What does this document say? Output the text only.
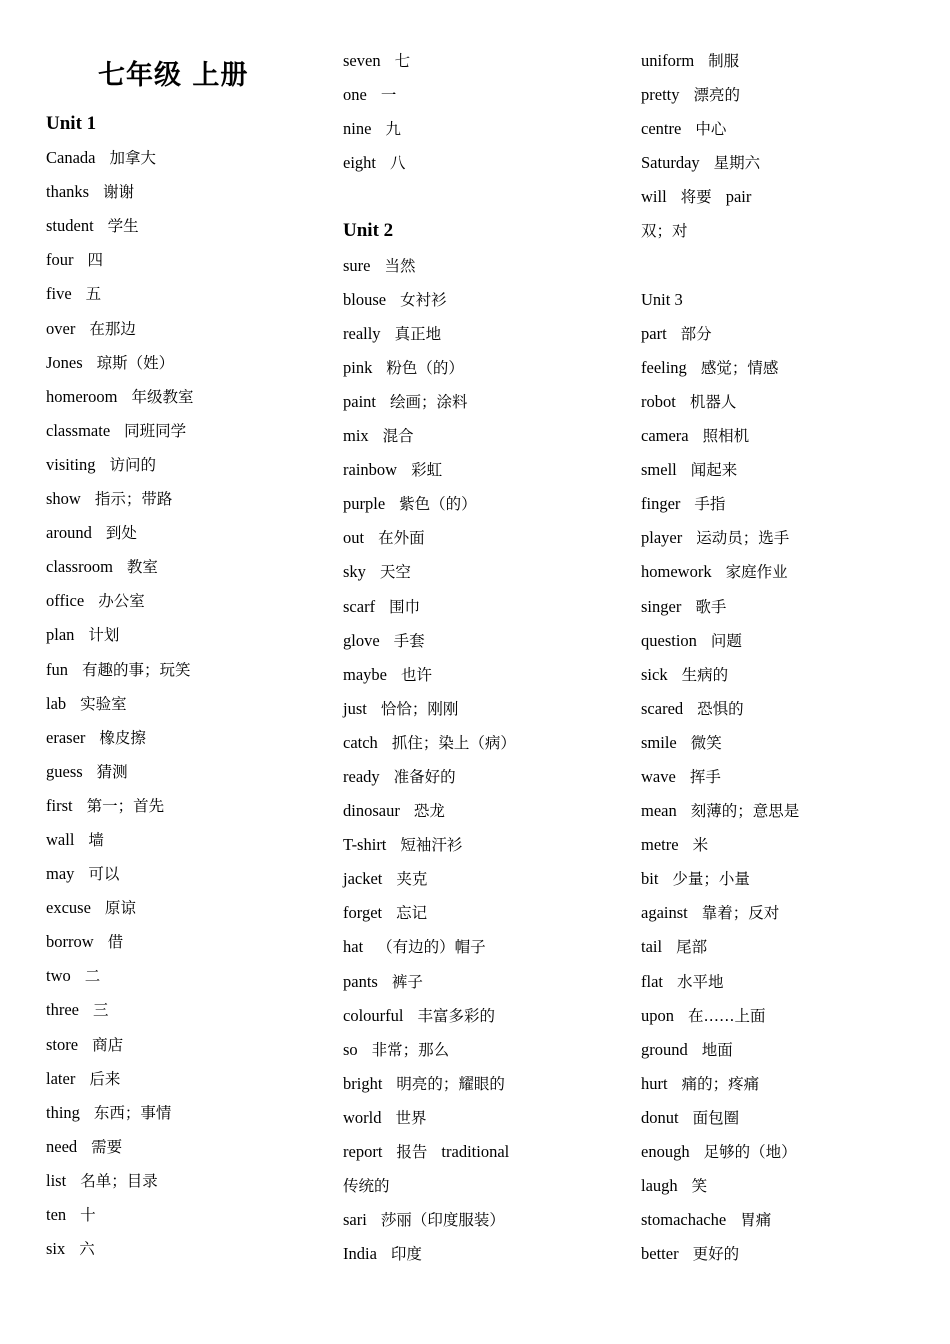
七年级 上册
Unit 1
Canada 加拿大
thanks 谢谢
student 学生
four 四
five 五
over 在那边
Jones 琼斯（姓）
homeroom 年级教室
classmate 同班同学
visiting 访问的
show 指示；带路
around 到处
classroom 教室
office 办公室
plan 计划
fun 有趣的事；玩笑
lab 实验室
eraser 橡皮擦
guess 猜测
first 第一；首先
wall 墙
may 可以
excuse 原谅
borrow 借
two 二
three 三
store 商店
later 后来
thing 东西；事情
need 需要
list 名单；目录
ten 十
six 六
seven 七
one 一
nine 九
eight 八
Unit 2
sure 当然
blouse 女衬衫
really 真正地
pink 粉色（的）
paint 绘画；涂料
mix 混合
rainbow 彩虹
purple 紫色（的）
out 在外面
sky 天空
scarf 围巾
glove 手套
maybe 也许
just 恰恰；刚刚
catch 抓住；染上（病）
ready 准备好的
dinosaur 恐龙
T-shirt 短袖汗衫
jacket 夹克
forget 忘记
hat （有边的）帽子
pants 裤子
colourful 丰富多彩的
so 非常；那么
bright 明亮的；耀眼的
world 世界
report 报告 traditional
传统的
sari 莎丽（印度服装）
India 印度
uniform 制服
pretty 漂亮的
centre 中心
Saturday 星期六
will 将要 pair
双；对
Unit 3
part 部分
feeling 感觉；情感
robot 机器人
camera 照相机
smell 闻起来
finger 手指
player 运动员；选手
homework 家庭作业
singer 歌手
question 问题
sick 生病的
scared 恐惧的
smile 微笑
wave 挥手
mean 刻薄的；意思是
metre 米
bit 少量；小量
against 靠着；反对
tail 尾部
flat 水平地
upon 在……上面
ground 地面
hurt 痛的；疼痛
donut 面包圈
enough 足够的（地）
laugh 笑
stomachache 胃痛
better 更好的
